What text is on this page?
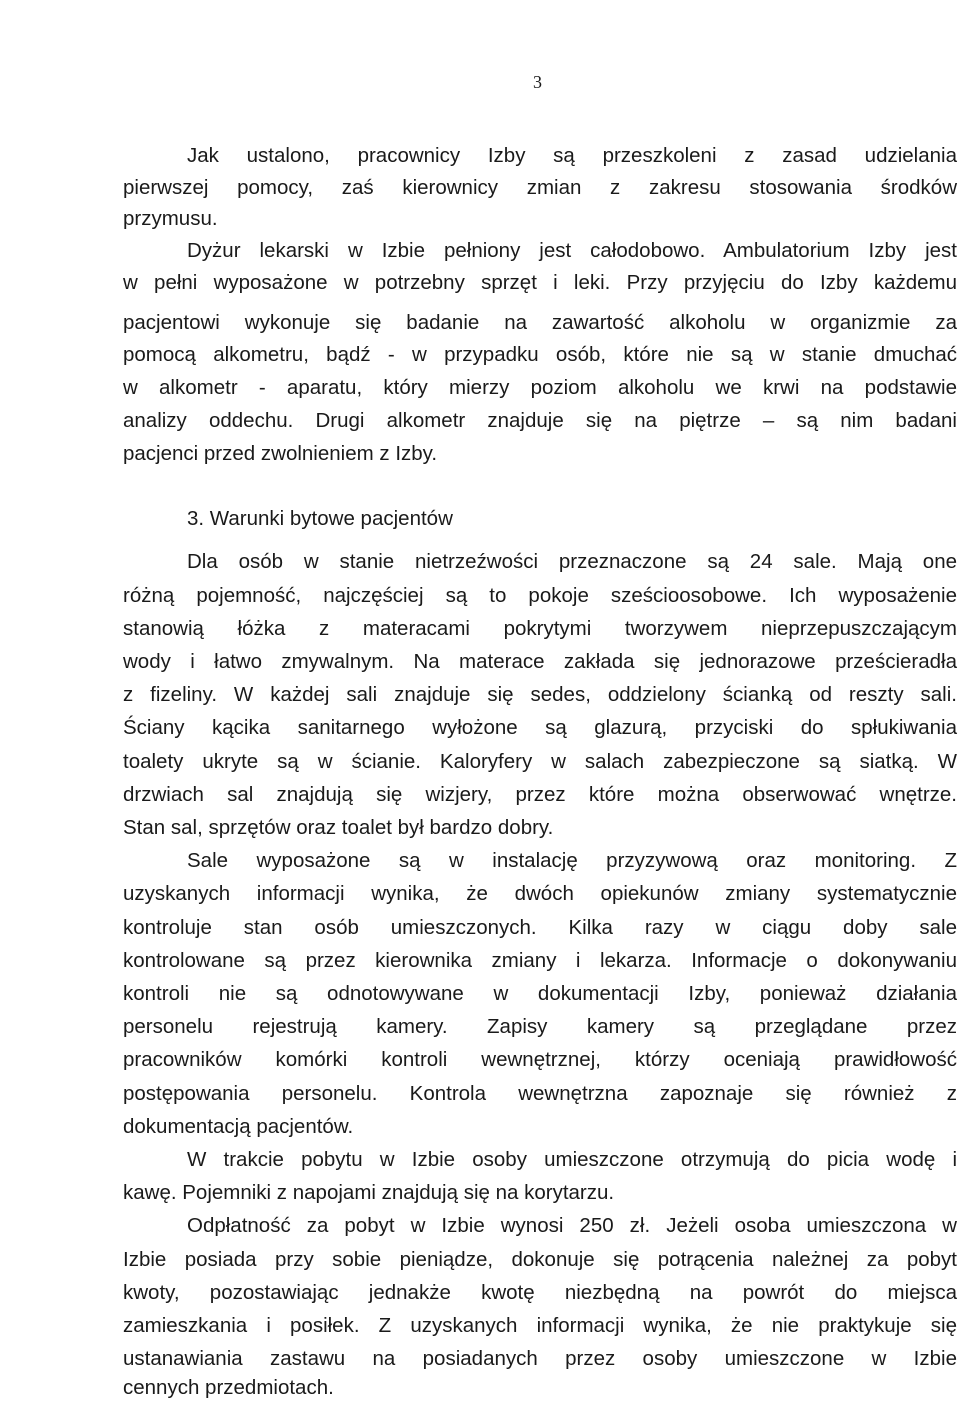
3
Jak ustalono, pracownicy Izby są przeszkoleni z zasad udzielania
pierwszej pomocy, zaś kierownicy zmian z zakresu stosowania środków
przymusu.
Dyżur lekarski w Izbie pełniony jest całodobowo. Ambulatorium Izby jest
w pełni wyposażone w potrzebny sprzęt i leki. Przy przyjęciu do Izby każdemu
pacjentowi wykonuje się badanie na zawartość alkoholu w organizmie za
pomocą alkometru, bądź - w przypadku osób, które nie są w stanie dmuchać
w alkometr - aparatu, który mierzy poziom alkoholu we krwi na podstawie
analizy oddechu. Drugi alkometr znajduje się na piętrze – są nim badani
pacjenci przed zwolnieniem z Izby.
3. Warunki bytowe pacjentów
Dla osób w stanie nietrzeźwości przeznaczone są 24 sale. Mają one
różną pojemność, najczęściej są to pokoje sześcioosobowe. Ich wyposażenie
stanowią łóżka z materacami pokrytymi tworzywem nieprzepuszczającym
wody i łatwo zmywalnym. Na materace zakłada się jednorazowe prześcieradła
z fizeliny. W każdej sali znajduje się sedes, oddzielony ścianką od reszty sali.
Ściany kącika sanitarnego wyłożone są glazurą, przyciski do spłukiwania
toalety ukryte są w ścianie. Kaloryfery w salach zabezpieczone są siatką. W
drzwiach sal znajdują się wizjery, przez które można obserwować wnętrze.
Stan sal, sprzętów oraz toalet był bardzo dobry.
Sale wyposażone są w instalację przyzywową oraz monitoring. Z
uzyskanych informacji wynika, że dwóch opiekunów zmiany systematycznie
kontroluje stan osób umieszczonych. Kilka razy w ciągu doby sale
kontrolowane są przez kierownika zmiany i lekarza. Informacje o dokonywaniu
kontroli nie są odnotowywane w dokumentacji Izby, ponieważ działania
personelu rejestrują kamery. Zapisy kamery są przeglądane przez
pracowników komórki kontroli wewnętrznej, którzy oceniają prawidłowość
postępowania personelu. Kontrola wewnętrzna zapoznaje się również z
dokumentacją pacjentów.
W trakcie pobytu w Izbie osoby umieszczone otrzymują do picia wodę i
kawę. Pojemniki z napojami znajdują się na korytarzu.
Odpłatność za pobyt w Izbie wynosi 250 zł. Jeżeli osoba umieszczona w
Izbie posiada przy sobie pieniądze, dokonuje się potrącenia należnej za pobyt
kwoty, pozostawiając jednakże kwotę niezbędną na powrót do miejsca
zamieszkania i posiłek. Z uzyskanych informacji wynika, że nie praktykuje się
ustanawiania zastawu na posiadanych przez osoby umieszczone w Izbie
cennych przedmiotach.
